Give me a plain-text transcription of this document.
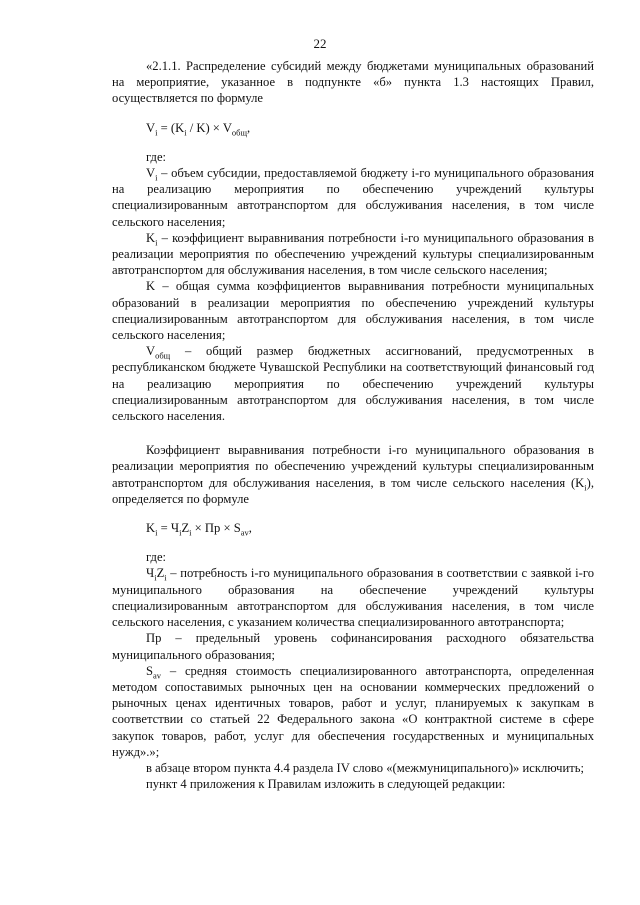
22

«2.1.1. Распределение субсидий между бюджетами муниципальных образований на мероприятие, указанное в подпункте «б» пункта 1.3 настоящих Правил, осуществляется по формуле

$V_i = (K_i / K) \times V_{общ}$,

где:

$V_i$ – объем субсидии, предоставляемой бюджету i-го муниципального образования на реализацию мероприятия по обеспечению учреждений культуры специализированным автотранспортом для обслуживания населения, в том числе сельского населения;

$K_i$ – коэффициент выравнивания потребности i-го муниципального образования в реализации мероприятия по обеспечению учреждений культуры специализированным автотранспортом для обслуживания населения, в том числе сельского населения;

K – общая сумма коэффициентов выравнивания потребности муниципальных образований в реализации мероприятия по обеспечению учреждений культуры специализированным автотранспортом для обслуживания населения, в том числе сельского населения;

$V_{общ}$ – общий размер бюджетных ассигнований, предусмотренных в республиканском бюджете Чувашской Республики на соответствующий финансовый год на реализацию мероприятия по обеспечению учреждений культуры специализированным автотранспортом для обслуживания населения, в том числе сельского населения.

Коэффициент выравнивания потребности i-го муниципального образования в реализации мероприятия по обеспечению учреждений культуры специализированным автотранспортом для обслуживания населения, в том числе сельского населения $(K_i)$, определяется по формуле

$K_i = Ч_iZ_i$ × Пр × $S_{av}$,

где:

$Ч_iZ_i$ – потребность i-го муниципального образования в соответствии с заявкой i-го муниципального образования на обеспечение учреждений культуры специализированным автотранспортом для обслуживания населения, в том числе сельского населения, с указанием количества специализированного автотранспорта;

Пр – предельный уровень софинансирования расходного обязательства муниципального образования;

$S_{av}$ – средняя стоимость специализированного автотранспорта, определенная методом сопоставимых рыночных цен на основании коммерческих предложений о рыночных ценах идентичных товаров, работ и услуг, планируемых к закупкам в соответствии со статьей 22 Федерального закона «О контрактной системе в сфере закупок товаров, работ, услуг для обеспечения государственных и муниципальных нужд».»;

в абзаце втором пункта 4.4 раздела IV слово «(межмуниципального)» исключить;

пункт 4 приложения к Правилам изложить в следующей редакции:
